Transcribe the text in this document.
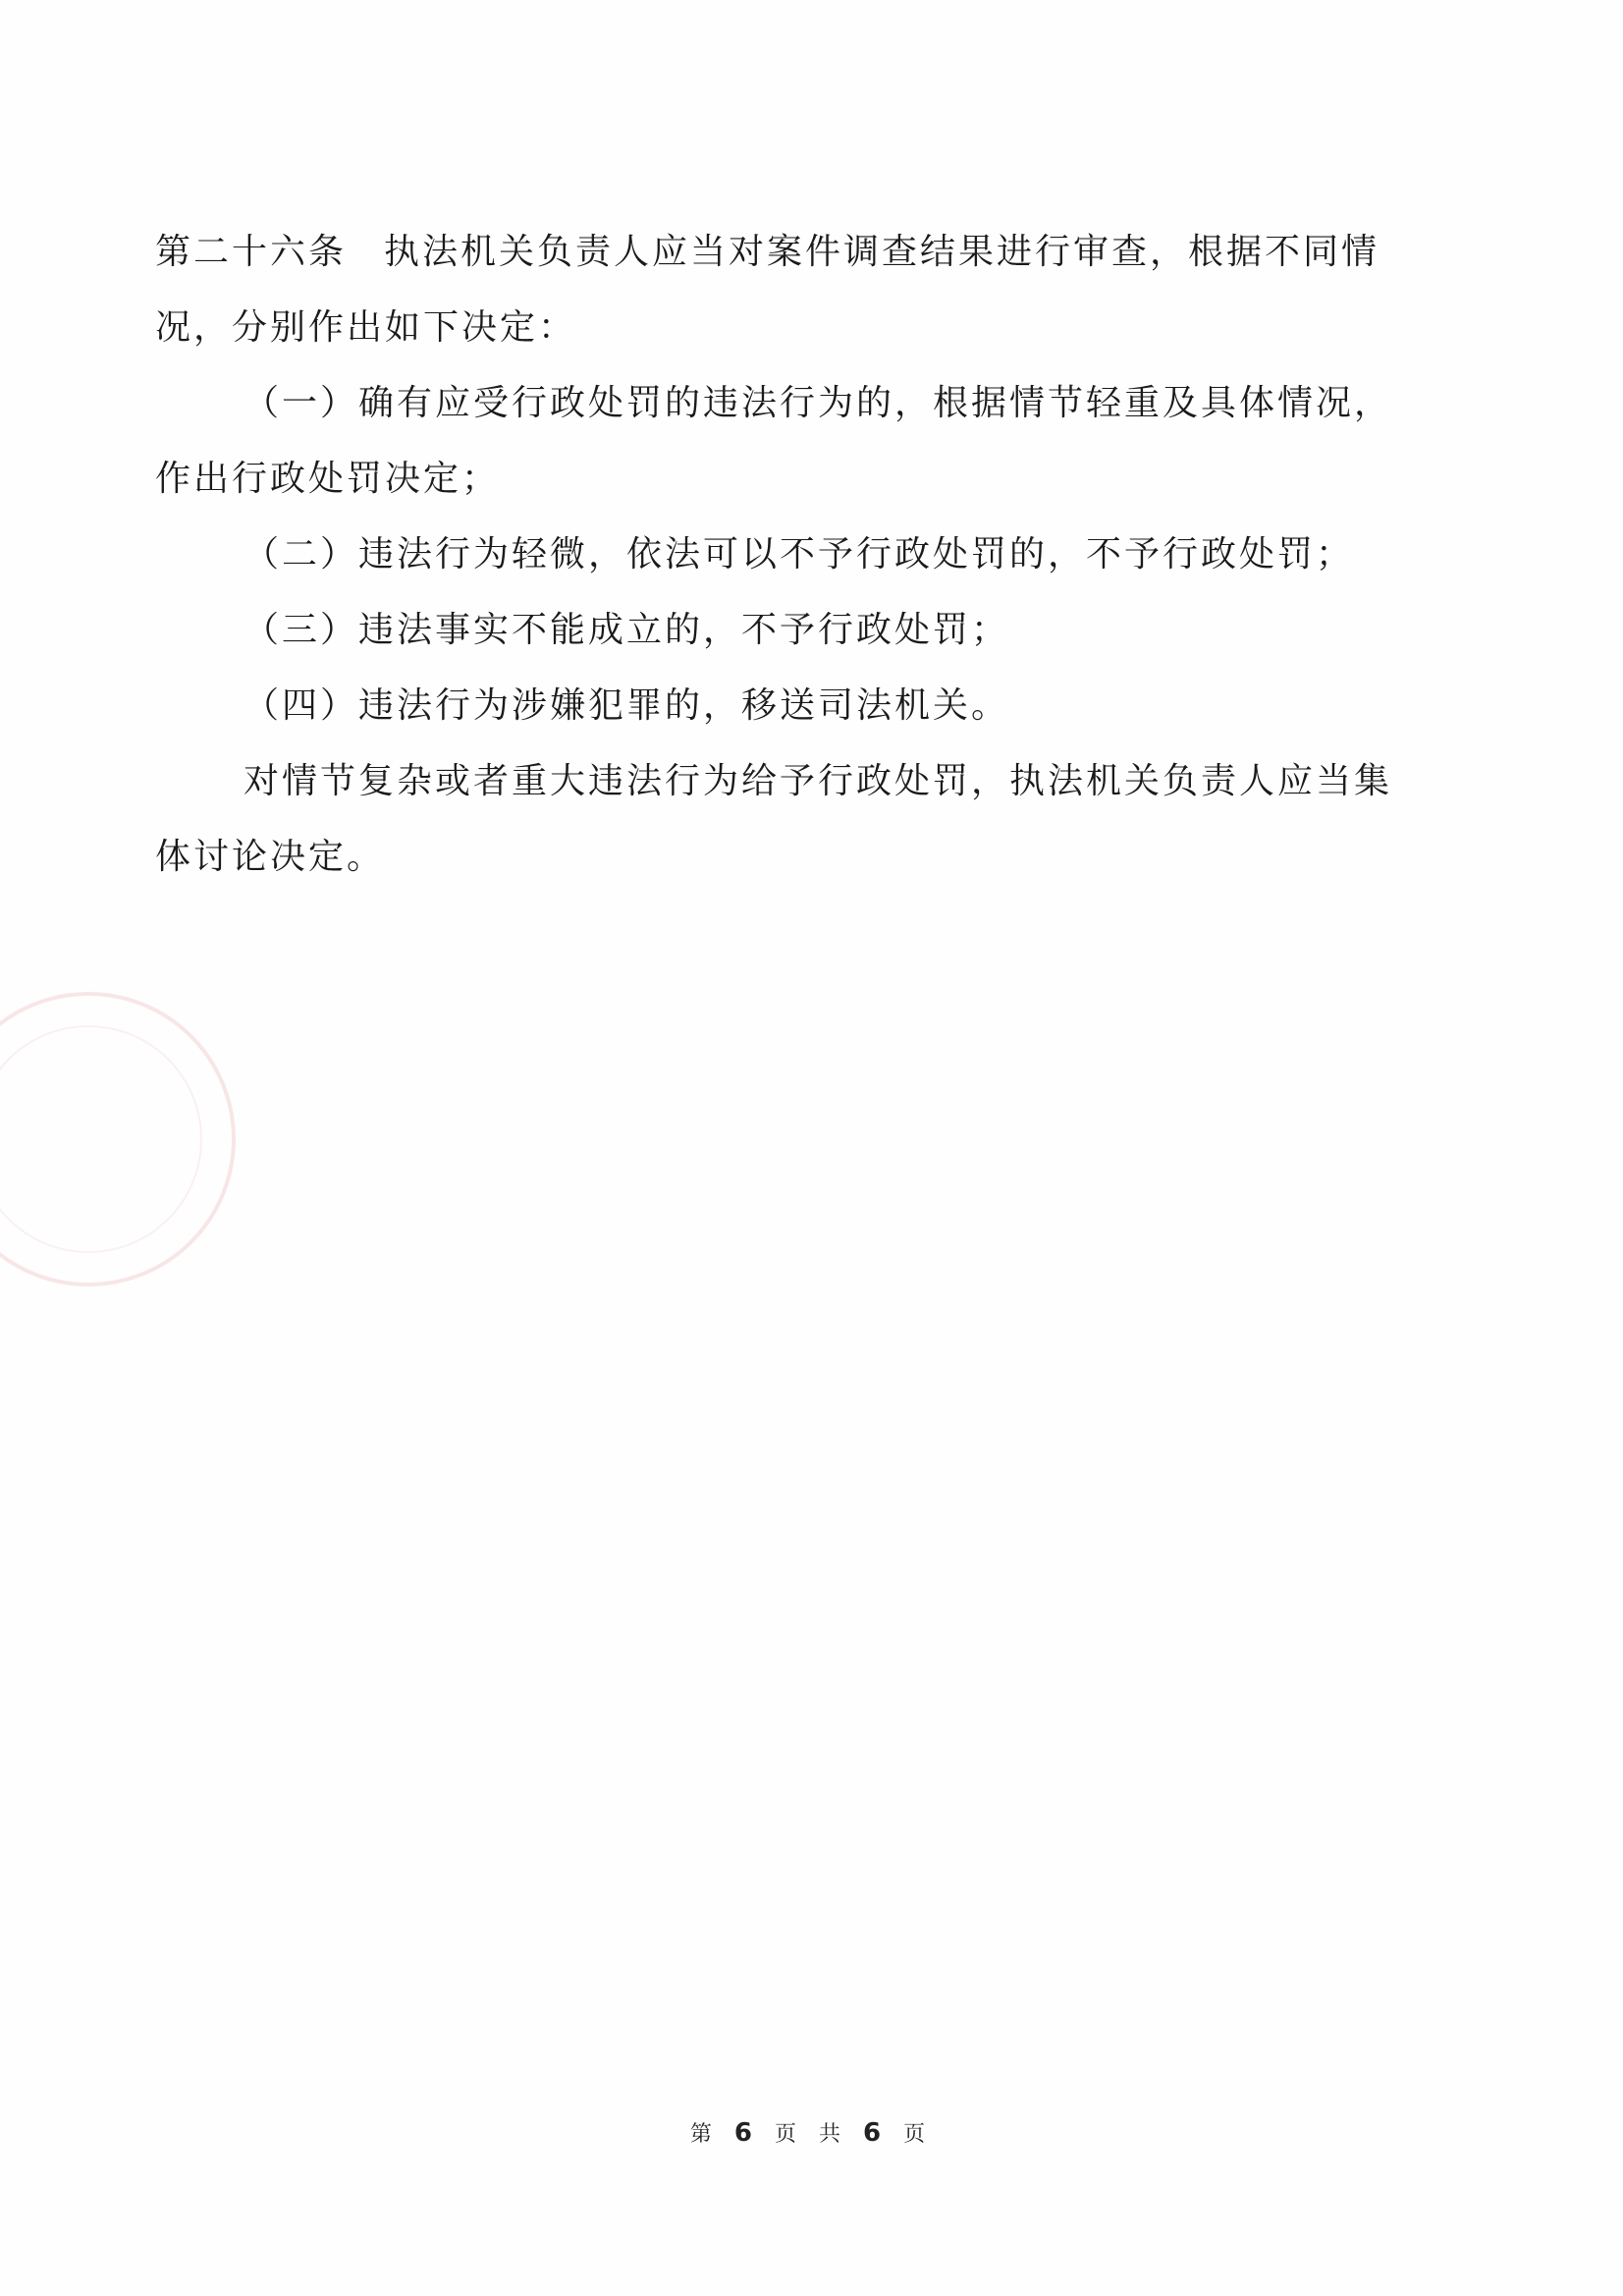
第二十六条 执法机关负责人应当对案件调查结果进行审查，根据不同情

况，分别作出如下决定：

（一）确有应受行政处罚的违法行为的，根据情节轻重及具体情况，

作出行政处罚决定；

（二）违法行为轻微，依法可以不予行政处罚的，不予行政处罚；

（三）违法事实不能成立的，不予行政处罚；

（四）违法行为涉嫌犯罪的，移送司法机关。

对情节复杂或者重大违法行为给予行政处罚，执法机关负责人应当集

体讨论决定。

第 6 页 共 6 页
